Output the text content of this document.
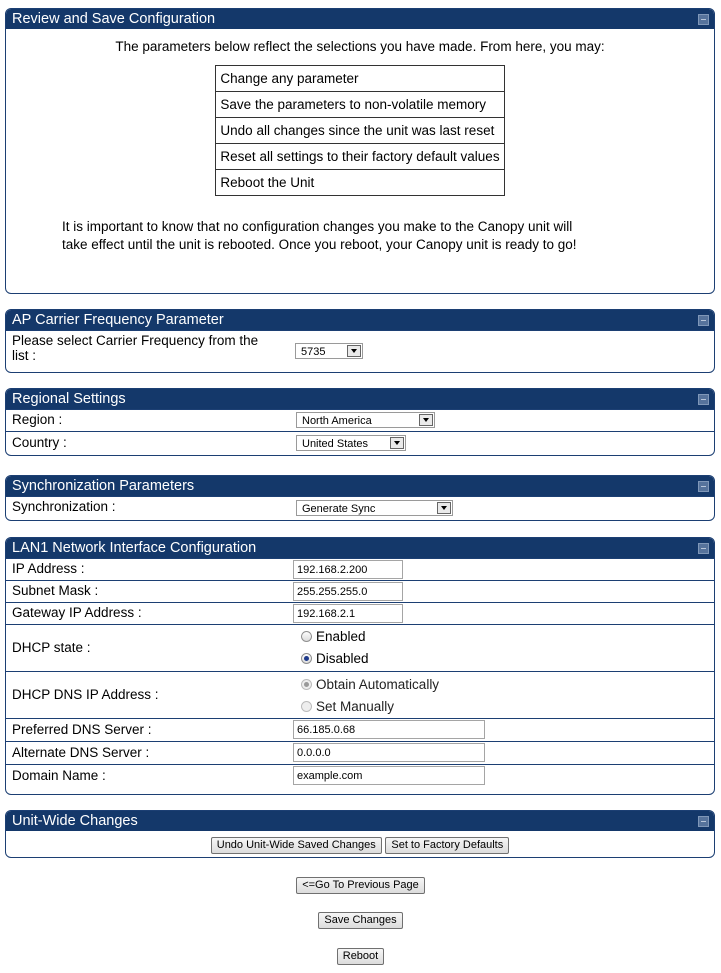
Review and Save Configuration
The parameters below reflect the selections you have made. From here, you may:
Change any parameter
Save the parameters to non-volatile memory
Undo all changes since the unit was last reset
Reset all settings to their factory default values
Reboot the Unit
It is important to know that no configuration changes you make to the Canopy unit will
take effect until the unit is rebooted. Once you reboot, your Canopy unit is ready to go!
AP Carrier Frequency Parameter
Please select Carrier Frequency from the
list :	5735
Regional Settings
Region :	North America
Country :	United States
Synchronization Parameters
Synchronization :	Generate Sync
LAN1 Network Interface Configuration
IP Address :	192.168.2.200
Subnet Mask :	255.255.255.0
Gateway IP Address :	192.168.2.1
DHCP state :
Enabled
Disabled
DHCP DNS IP Address :
Obtain Automatically
Set Manually
Preferred DNS Server :	66.185.0.68
Alternate DNS Server :	0.0.0.0
Domain Name :	example.com
Unit-Wide Changes
Undo Unit-Wide Saved Changes Set to Factory Defaults
<=Go To Previous Page
Save Changes
Reboot
